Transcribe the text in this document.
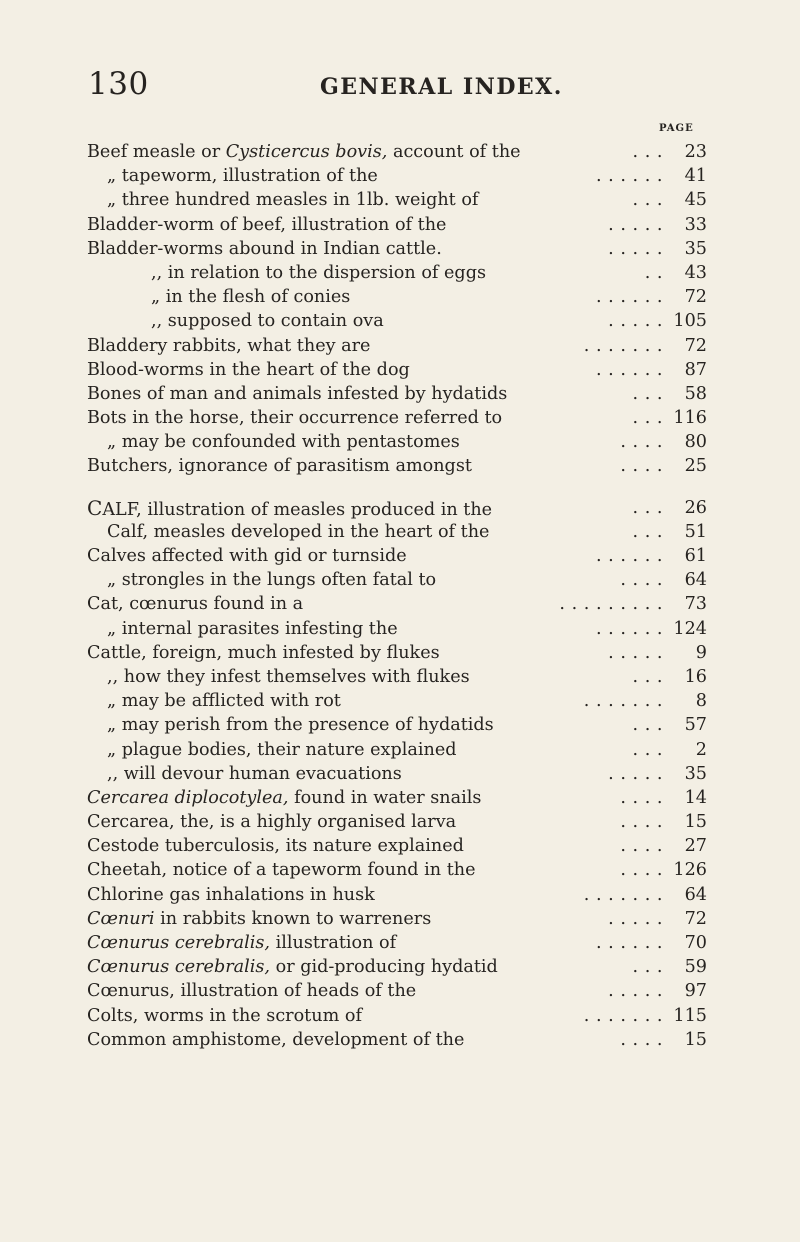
130	GENERAL INDEX.
PAGE
Beef measle or Cysticercus bovis, account of the	. . .	23
„ tapeworm, illustration of the	. . . . . .	41
„ three hundred measles in 1lb. weight of	. . .	45
Bladder-worm of beef, illustration of the	. . . . .	33
Bladder-worms abound in Indian cattle.	. . . . .	35
,, in relation to the dispersion of eggs	. .	43
„ in the flesh of conies	. . . . . .	72
,, supposed to contain ova	. . . . . 105
Bladdery rabbits, what they are	. . . . . . .	72
Blood-worms in the heart of the dog	. . . . . .	87
Bones of man and animals infested by hydatids	. . .	58
Bots in the horse, their occurrence referred to	. . . 116
„ may be confounded with pentastomes	. . . .	80
Butchers, ignorance of parasitism amongst	. . . .	25
CALF, illustration of measles produced in the	. . .	26
Calf, measles developed in the heart of the	. . .	51
Calves affected with gid or turnside	. . . . . .	61
„ strongles in the lungs often fatal to	. . . .	64
Cat, cœnurus found in a	. . . . . . . . .	73
„ internal parasites infesting the	. . . . . . 124
Cattle, foreign, much infested by flukes	. . . . .	9
,, how they infest themselves with flukes	. . .	16
„ may be afflicted with rot	. . . . . . .	8
„ may perish from the presence of hydatids	. . .	57
„ plague bodies, their nature explained	. . .	2
,, will devour human evacuations	. . . . .	35
Cercarea diplocotylea, found in water snails	. . . .	14
Cercarea, the, is a highly organised larva	. . . .	15
Cestode tuberculosis, its nature explained	. . . .	27
Cheetah, notice of a tapeworm found in the	. . . . 126
Chlorine gas inhalations in husk	. . . . . . .	64
Cœnuri in rabbits known to warreners	. . . . .	72
Cœnurus cerebralis, illustration of	. . . . . .	70
Cœnurus cerebralis, or gid-producing hydatid	. . .	59
Cœnurus, illustration of heads of the	. . . . .	97
Colts, worms in the scrotum of	. . . . . . . 115
Common amphistome, development of the	. . . .	15
